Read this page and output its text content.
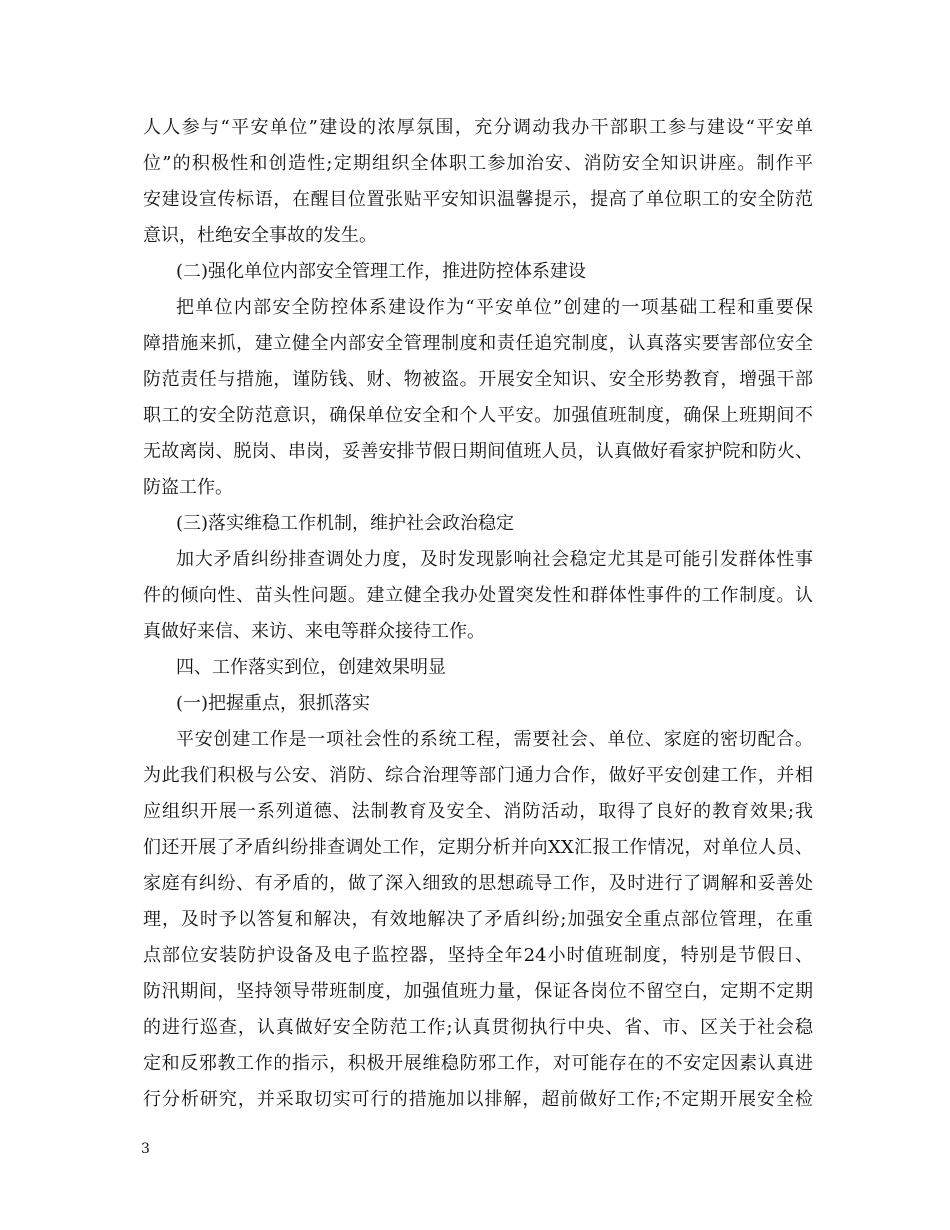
人人参与“平安单位”建设的浓厚氛围，充分调动我办干部职工参与建设“平安单
位”的积极性和创造性;定期组织全体职工参加治安、消防安全知识讲座。制作平
安建设宣传标语，在醒目位置张贴平安知识温馨提示，提高了单位职工的安全防范
意识，杜绝安全事故的发生。
(二)强化单位内部安全管理工作，推进防控体系建设
把单位内部安全防控体系建设作为“平安单位”创建的一项基础工程和重要保
障措施来抓，建立健全内部安全管理制度和责任追究制度，认真落实要害部位安全
防范责任与措施，谨防钱、财、物被盗。开展安全知识、安全形势教育，增强干部
职工的安全防范意识，确保单位安全和个人平安。加强值班制度，确保上班期间不
无故离岗、脱岗、串岗，妥善安排节假日期间值班人员，认真做好看家护院和防火、
防盗工作。
(三)落实维稳工作机制，维护社会政治稳定
加大矛盾纠纷排查调处力度，及时发现影响社会稳定尤其是可能引发群体性事
件的倾向性、苗头性问题。建立健全我办处置突发性和群体性事件的工作制度。认
真做好来信、来访、来电等群众接待工作。
四、工作落实到位，创建效果明显
(一)把握重点，狠抓落实
平安创建工作是一项社会性的系统工程，需要社会、单位、家庭的密切配合。
为此我们积极与公安、消防、综合治理等部门通力合作，做好平安创建工作，并相
应组织开展一系列道德、法制教育及安全、消防活动，取得了良好的教育效果;我
们还开展了矛盾纠纷排查调处工作，定期分析并向XX汇报工作情况，对单位人员、
家庭有纠纷、有矛盾的，做了深入细致的思想疏导工作，及时进行了调解和妥善处
理，及时予以答复和解决，有效地解决了矛盾纠纷;加强安全重点部位管理，在重
点部位安装防护设备及电子监控器，坚持全年24小时值班制度，特别是节假日、
防汛期间，坚持领导带班制度，加强值班力量，保证各岗位不留空白，定期不定期
的进行巡查，认真做好安全防范工作;认真贯彻执行中央、省、市、区关于社会稳
定和反邪教工作的指示，积极开展维稳防邪工作，对可能存在的不安定因素认真进
行分析研究，并采取切实可行的措施加以排解，超前做好工作;不定期开展安全检
3
